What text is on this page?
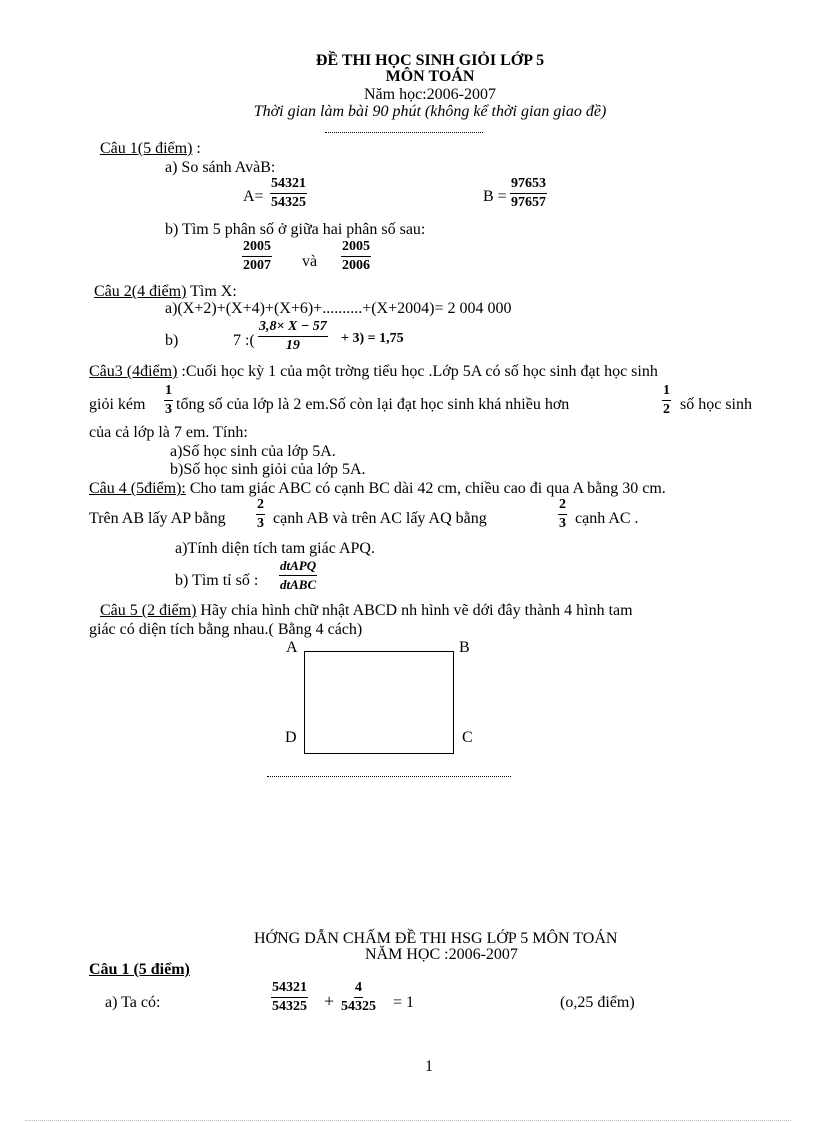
ĐỀ THI HỌC SINH GIỎI LỚP 5
MÔN TOÁN
Năm học:2006-2007
Thời gian làm bài 90 phút (không kể thời gian giao đề)
Câu 1(5 điểm) :
a) So sánh AvàB:
$A= \frac{54321}{54325}$	$B = \frac{97653}{97657}$
b) Tìm 5 phân số ở giữa hai phân số sau:
$\frac{2005}{2007}$ và $\frac{2005}{2006}$
Câu 2(4 điểm) Tìm X:
a)(X+2)+(X+4)+(X+6)+..........+(X+2004)= 2 004 000
b)	7 :( $\frac{3,8\times X - 57}{19} + 3) = 1,75$
Câu3 (4điểm) :Cuối học kỳ 1 của một trờng tiểu học .Lớp 5A có số học sinh đạt học sinh
giỏi kém $\frac{1}{3}$ tổng số của lớp là 2 em.Số còn lại đạt học sinh khá nhiều hơn	$\frac{1}{2}$ số học sinh
của cả lớp là 7 em. Tính:
a)Số học sinh của lớp 5A.
b)Số học sinh giỏi của lớp 5A.
Câu 4 (5điểm): Cho tam giác ABC có cạnh BC dài 42 cm, chiều cao đi qua A bằng 30 cm.
Trên AB lấy AP bằng $\frac{2}{3}$ cạnh AB và trên AC lấy AQ bằng	$\frac{2}{3}$ cạnh AC .
a)Tính diện tích tam giác APQ.
b) Tìm tỉ số :
dtAPQ
dtABC
Câu 5 (2 điểm) Hãy chia hình chữ nhật ABCD nh hình vẽ dới đây thành 4 hình tam
giác có diện tích bằng nhau.( Bằng 4 cách)
A	B
D	C
HỚNG DẪN CHẤM ĐỀ THI HSG LỚP 5 MÔN TOÁN
NĂM HỌC :2006-2007
Câu 1 (5 điểm)
a) Ta có:	$\frac{54321}{54325} + \frac{4}{54325} = 1$	(o,25 điểm)
1
